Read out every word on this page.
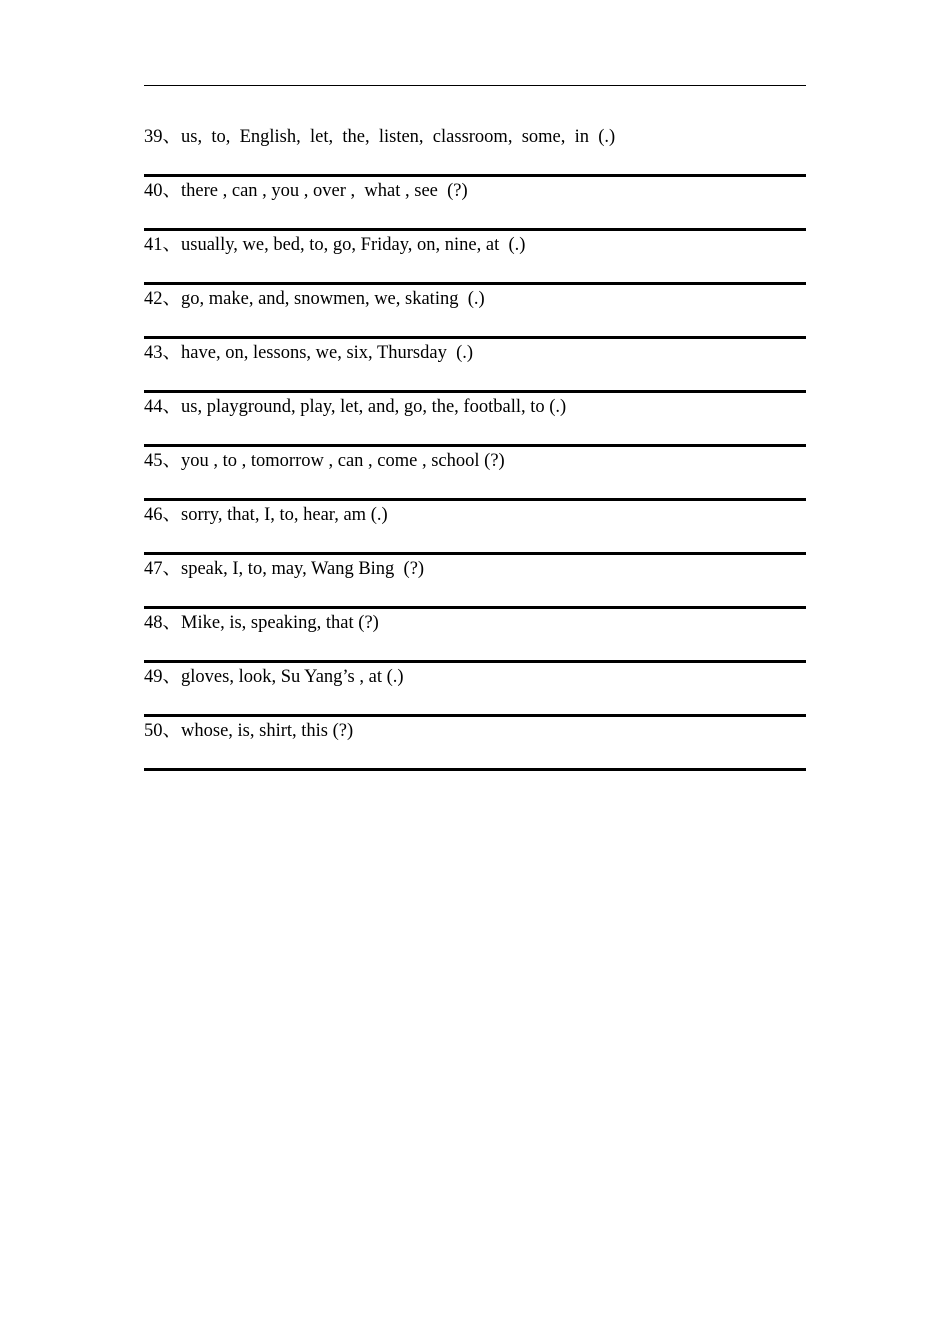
39、us,  to,  English,  let,  the,  listen,  classroom,  some,  in  (.)
40、there , can , you , over ,  what , see  (?)
41、usually, we, bed, to, go, Friday, on, nine, at  (.)
42、go, make, and, snowmen, we, skating  (.)
43、have, on, lessons, we, six, Thursday  (.)
44、us, playground, play, let, and, go, the, football, to (.)
45、you , to , tomorrow , can , come , school (?)
46、sorry, that, I, to, hear, am (.)
47、speak, I, to, may, Wang Bing  (?)
48、Mike, is, speaking, that (?)
49、gloves, look, Su Yang’s , at (.)
50、whose, is, shirt, this (?)
